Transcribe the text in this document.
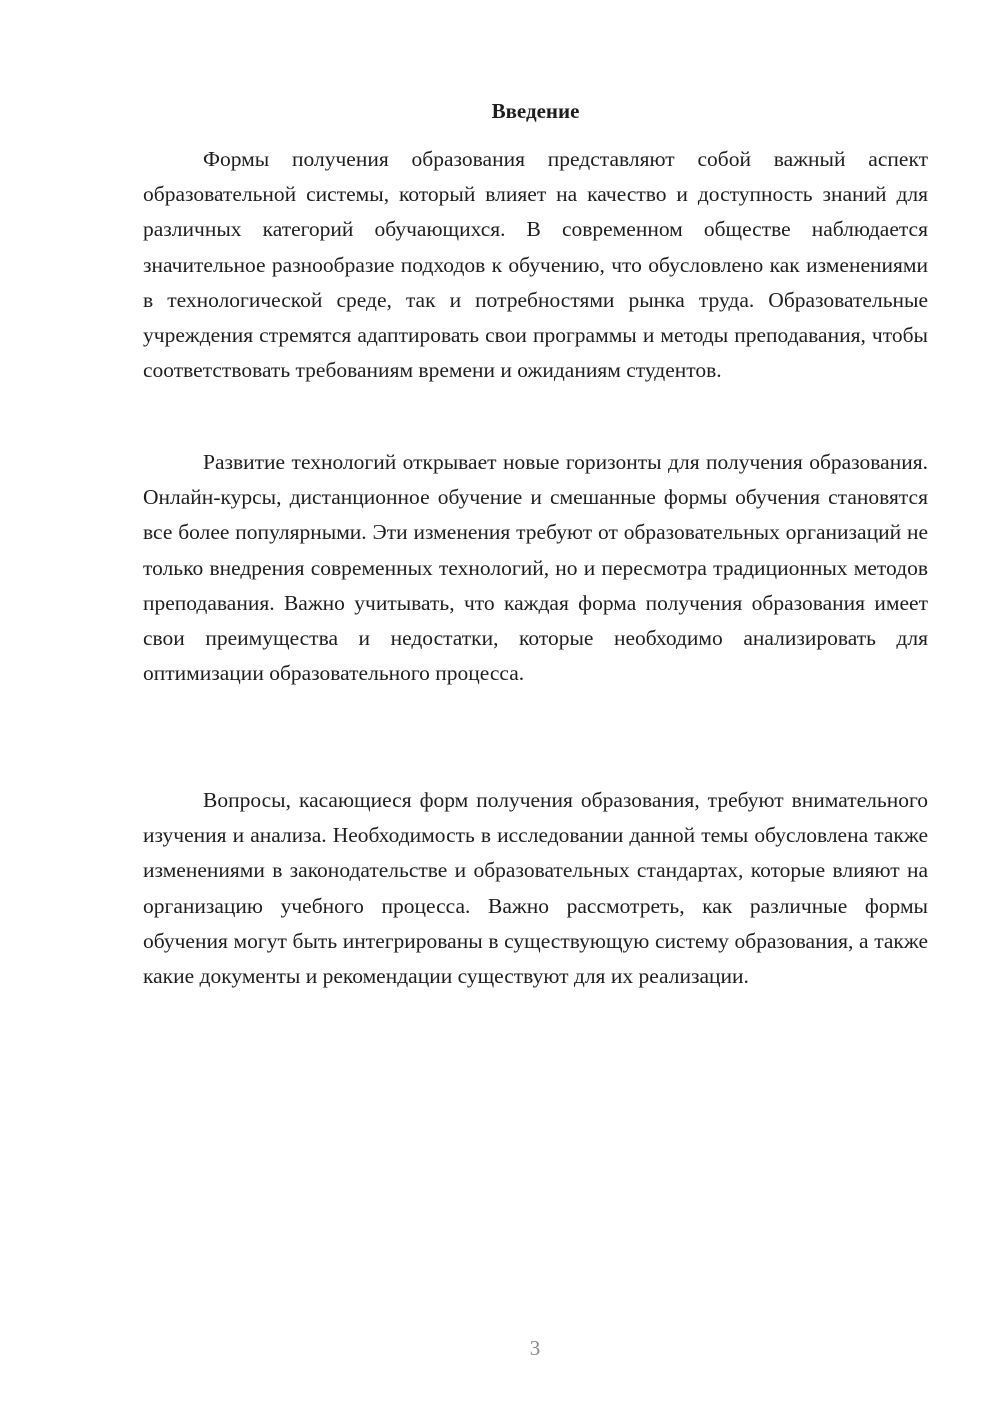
Введение

Формы получения образования представляют собой важный аспект образовательной системы, который влияет на качество и доступность знаний для различных категорий обучающихся. В современном обществе наблюдается значительное разнообразие подходов к обучению, что обусловлено как изменениями в технологической среде, так и потребностями рынка труда. Образовательные учреждения стремятся адаптировать свои программы и методы преподавания, чтобы соответствовать требованиям времени и ожиданиям студентов.

Развитие технологий открывает новые горизонты для получения образования. Онлайн-курсы, дистанционное обучение и смешанные формы обучения становятся все более популярными. Эти изменения требуют от образовательных организаций не только внедрения современных технологий, но и пересмотра традиционных методов преподавания. Важно учитывать, что каждая форма получения образования имеет свои преимущества и недостатки, которые необходимо анализировать для оптимизации образовательного процесса.

Вопросы, касающиеся форм получения образования, требуют внимательного изучения и анализа. Необходимость в исследовании данной темы обусловлена также изменениями в законодательстве и образовательных стандартах, которые влияют на организацию учебного процесса. Важно рассмотреть, как различные формы обучения могут быть интегрированы в существующую систему образования, а также какие документы и рекомендации существуют для их реализации.

3
